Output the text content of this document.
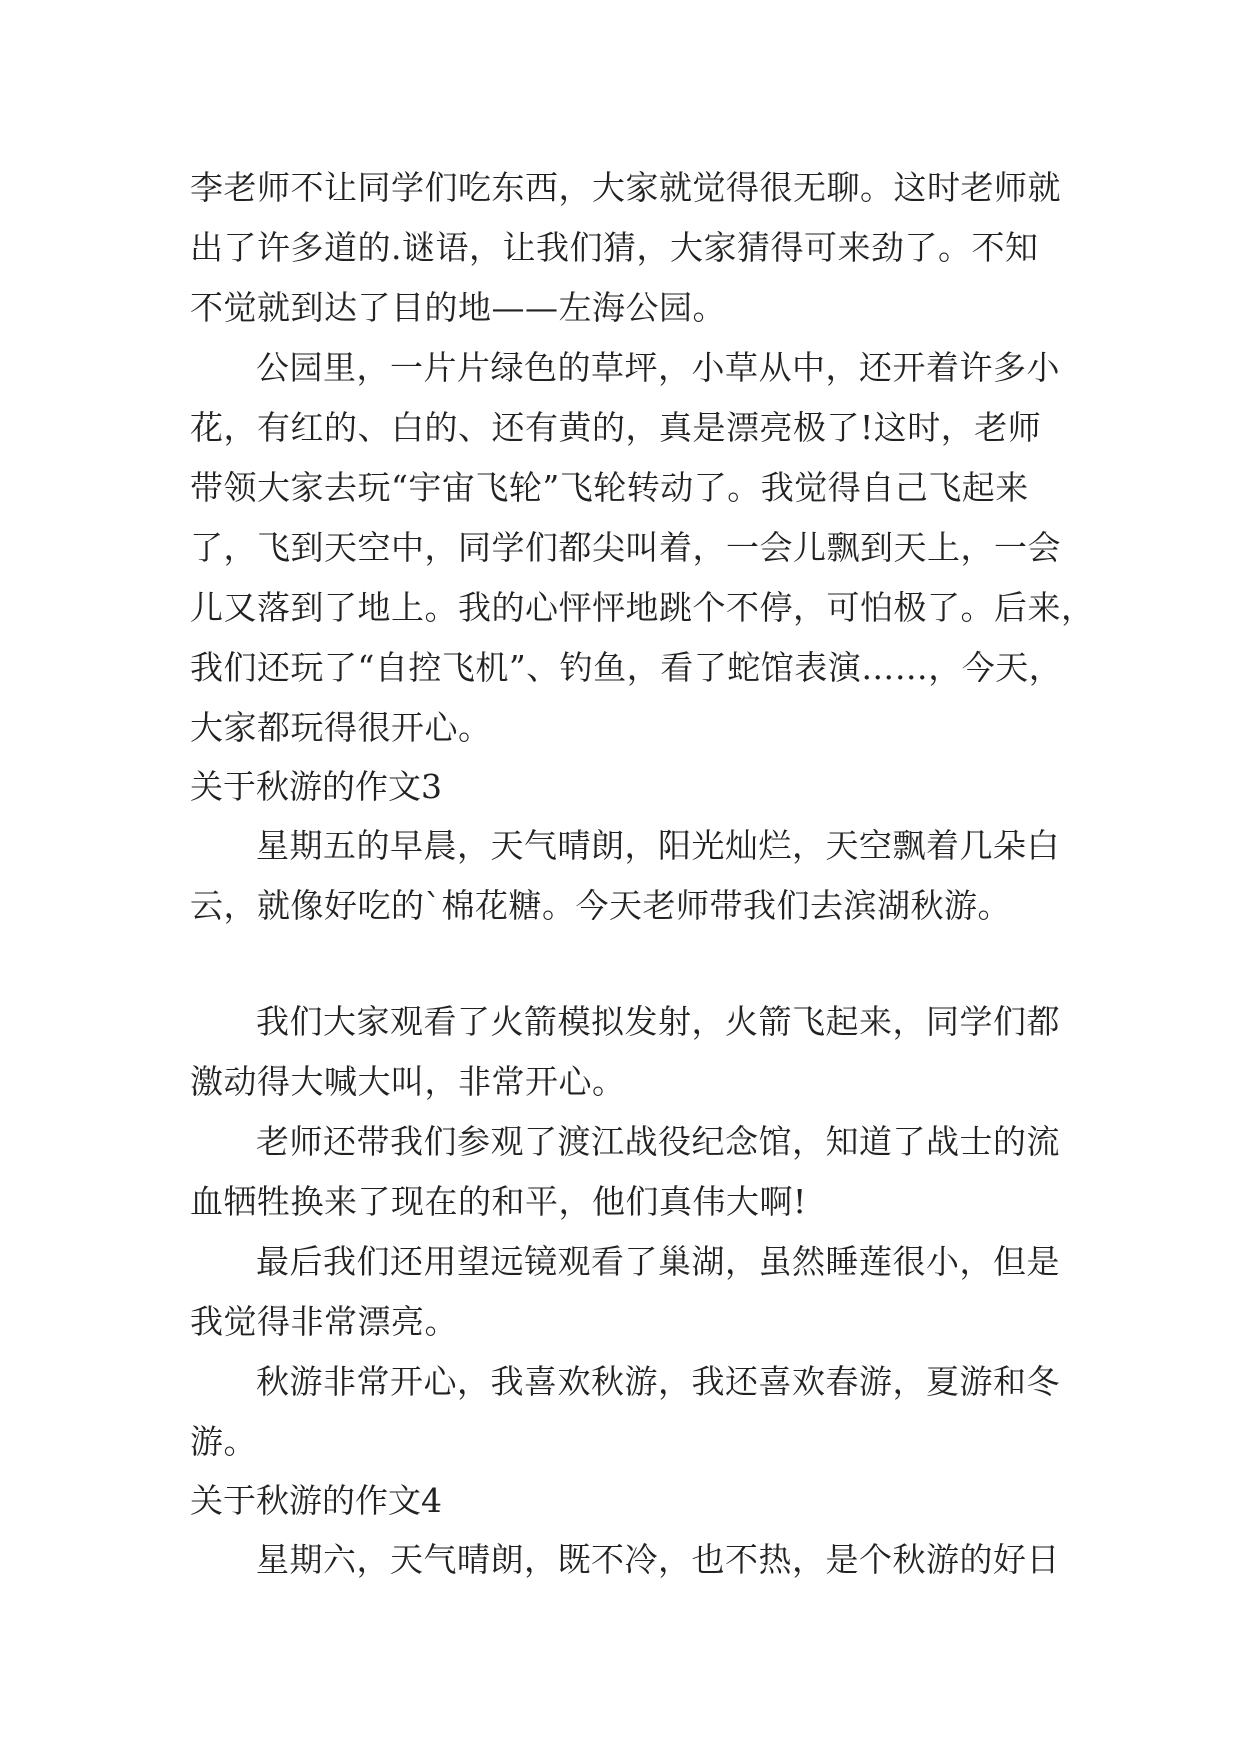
李老师不让同学们吃东西，大家就觉得很无聊。这时老师就
出了许多道的.谜语，让我们猜，大家猜得可来劲了。不知
不觉就到达了目的地——左海公园。
公园里，一片片绿色的草坪，小草从中，还开着许多小
花，有红的、白的、还有黄的，真是漂亮极了!这时，老师
带领大家去玩“宇宙飞轮”飞轮转动了。我觉得自己飞起来
了，飞到天空中，同学们都尖叫着，一会儿飘到天上，一会
儿又落到了地上。我的心怦怦地跳个不停，可怕极了。后来，
我们还玩了“自控飞机”、钓鱼，看了蛇馆表演……，今天，
大家都玩得很开心。
关于秋游的作文3
星期五的早晨，天气晴朗，阳光灿烂，天空飘着几朵白
云，就像好吃的`棉花糖。今天老师带我们去滨湖秋游。
我们大家观看了火箭模拟发射，火箭飞起来，同学们都
激动得大喊大叫，非常开心。
老师还带我们参观了渡江战役纪念馆，知道了战士的流
血牺牲换来了现在的和平，他们真伟大啊!
最后我们还用望远镜观看了巢湖，虽然睡莲很小，但是
我觉得非常漂亮。
秋游非常开心，我喜欢秋游，我还喜欢春游，夏游和冬
游。
关于秋游的作文4
星期六，天气晴朗，既不冷，也不热，是个秋游的好日
